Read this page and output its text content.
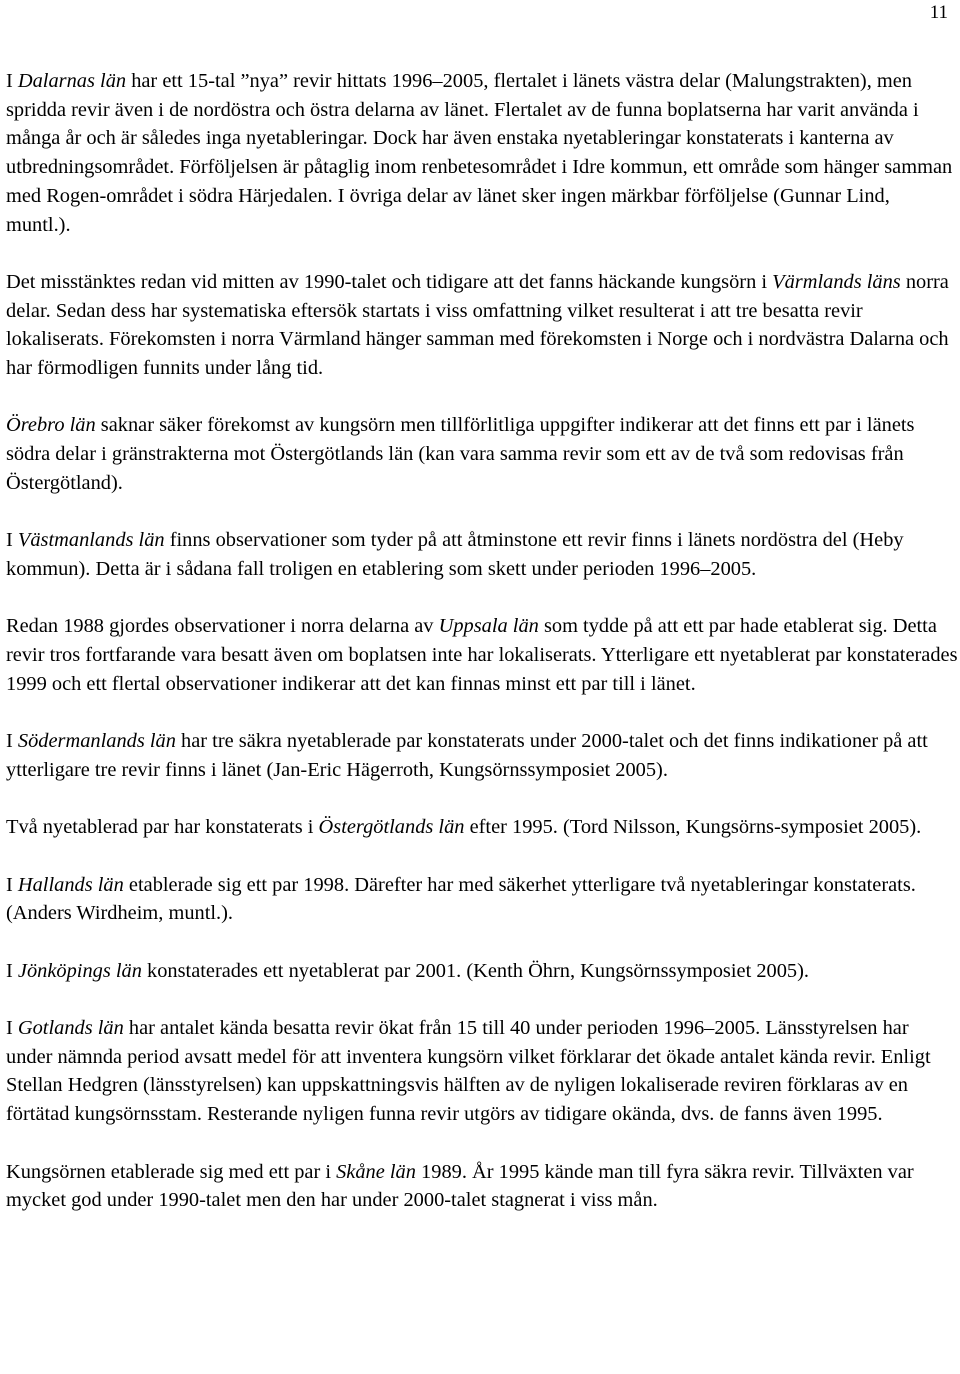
11

I Dalarnas län har ett 15-tal ”nya” revir hittats 1996–2005, flertalet i länets västra delar (Malungstrakten), men spridda revir även i de nordöstra och östra delarna av länet. Flertalet av de funna boplatserna har varit använda i många år och är således inga nyetableringar. Dock har även enstaka nyetableringar konstaterats i kanterna av utbredningsområdet. Förföljelsen är påtaglig inom renbetesområdet i Idre kommun, ett område som hänger samman med Rogen-området i södra Härjedalen. I övriga delar av länet sker ingen märkbar förföljelse (Gunnar Lind, muntl.).

Det misstänktes redan vid mitten av 1990-talet och tidigare att det fanns häckande kungsörn i Värmlands läns norra delar. Sedan dess har systematiska eftersök startats i viss omfattning vilket resulterat i att tre besatta revir lokaliserats. Förekomsten i norra Värmland hänger samman med förekomsten i Norge och i nordvästra Dalarna och har förmodligen funnits under lång tid.

Örebro län saknar säker förekomst av kungsörn men tillförlitliga uppgifter indikerar att det finns ett par i länets södra delar i gränstrakterna mot Östergötlands län (kan vara samma revir som ett av de två som redovisas från Östergötland).

I Västmanlands län finns observationer som tyder på att åtminstone ett revir finns i länets nordöstra del (Heby kommun). Detta är i sådana fall troligen en etablering som skett under perioden 1996–2005.

Redan 1988 gjordes observationer i norra delarna av Uppsala län som tydde på att ett par hade etablerat sig. Detta revir tros fortfarande vara besatt även om boplatsen inte har lokaliserats. Ytterligare ett nyetablerat par konstaterades 1999 och ett flertal observationer indikerar att det kan finnas minst ett par till i länet.

I Södermanlands län har tre säkra nyetablerade par konstaterats under 2000-talet och det finns indikationer på att ytterligare tre revir finns i länet (Jan-Eric Hägerroth, Kungsörnssymposiet 2005).

Två nyetablerad par har konstaterats i Östergötlands län efter 1995. (Tord Nilsson, Kungsörns-symposiet 2005).

I Hallands län etablerade sig ett par 1998. Därefter har med säkerhet ytterligare två nyetableringar konstaterats. (Anders Wirdheim, muntl.).

I Jönköpings län konstaterades ett nyetablerat par 2001. (Kenth Öhrn, Kungsörnssymposiet 2005).

I Gotlands län har antalet kända besatta revir ökat från 15 till 40 under perioden 1996–2005. Länsstyrelsen har under nämnda period avsatt medel för att inventera kungsörn vilket förklarar det ökade antalet kända revir. Enligt Stellan Hedgren (länsstyrelsen) kan uppskattningsvis hälften av de nyligen lokaliserade reviren förklaras av en förtätad kungsörnsstam. Resterande nyligen funna revir utgörs av tidigare okända, dvs. de fanns även 1995.

Kungsörnen etablerade sig med ett par i Skåne län 1989. År 1995 kände man till fyra säkra revir. Tillväxten var mycket god under 1990-talet men den har under 2000-talet stagnerat i viss mån.
